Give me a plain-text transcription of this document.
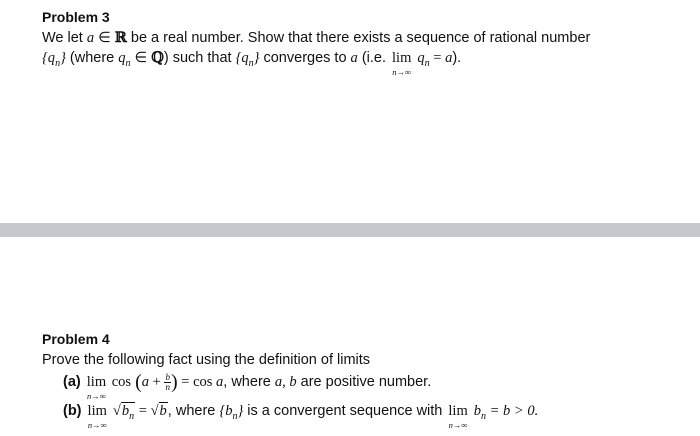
Problem 3
We let a ∈ ℝ be a real number. Show that there exists a sequence of rational number
$\{q_n\}$ (where $q_n$ ∈ ℚ) such that $\{q_n\}$ converges to a (i.e. lim
n→∞
$q_n = a$).
Problem 4
Prove the following fact using the definition of limits
(a) lim
n→∞
$\cos (a + \frac{b}{n}$ ) = cos a, where a, b are positive number.
(b) lim
n→∞
$√b_n = √b$, where $\{b_n\}$ is a convergent sequence with lim
n→∞
$b_n = b > 0$.
